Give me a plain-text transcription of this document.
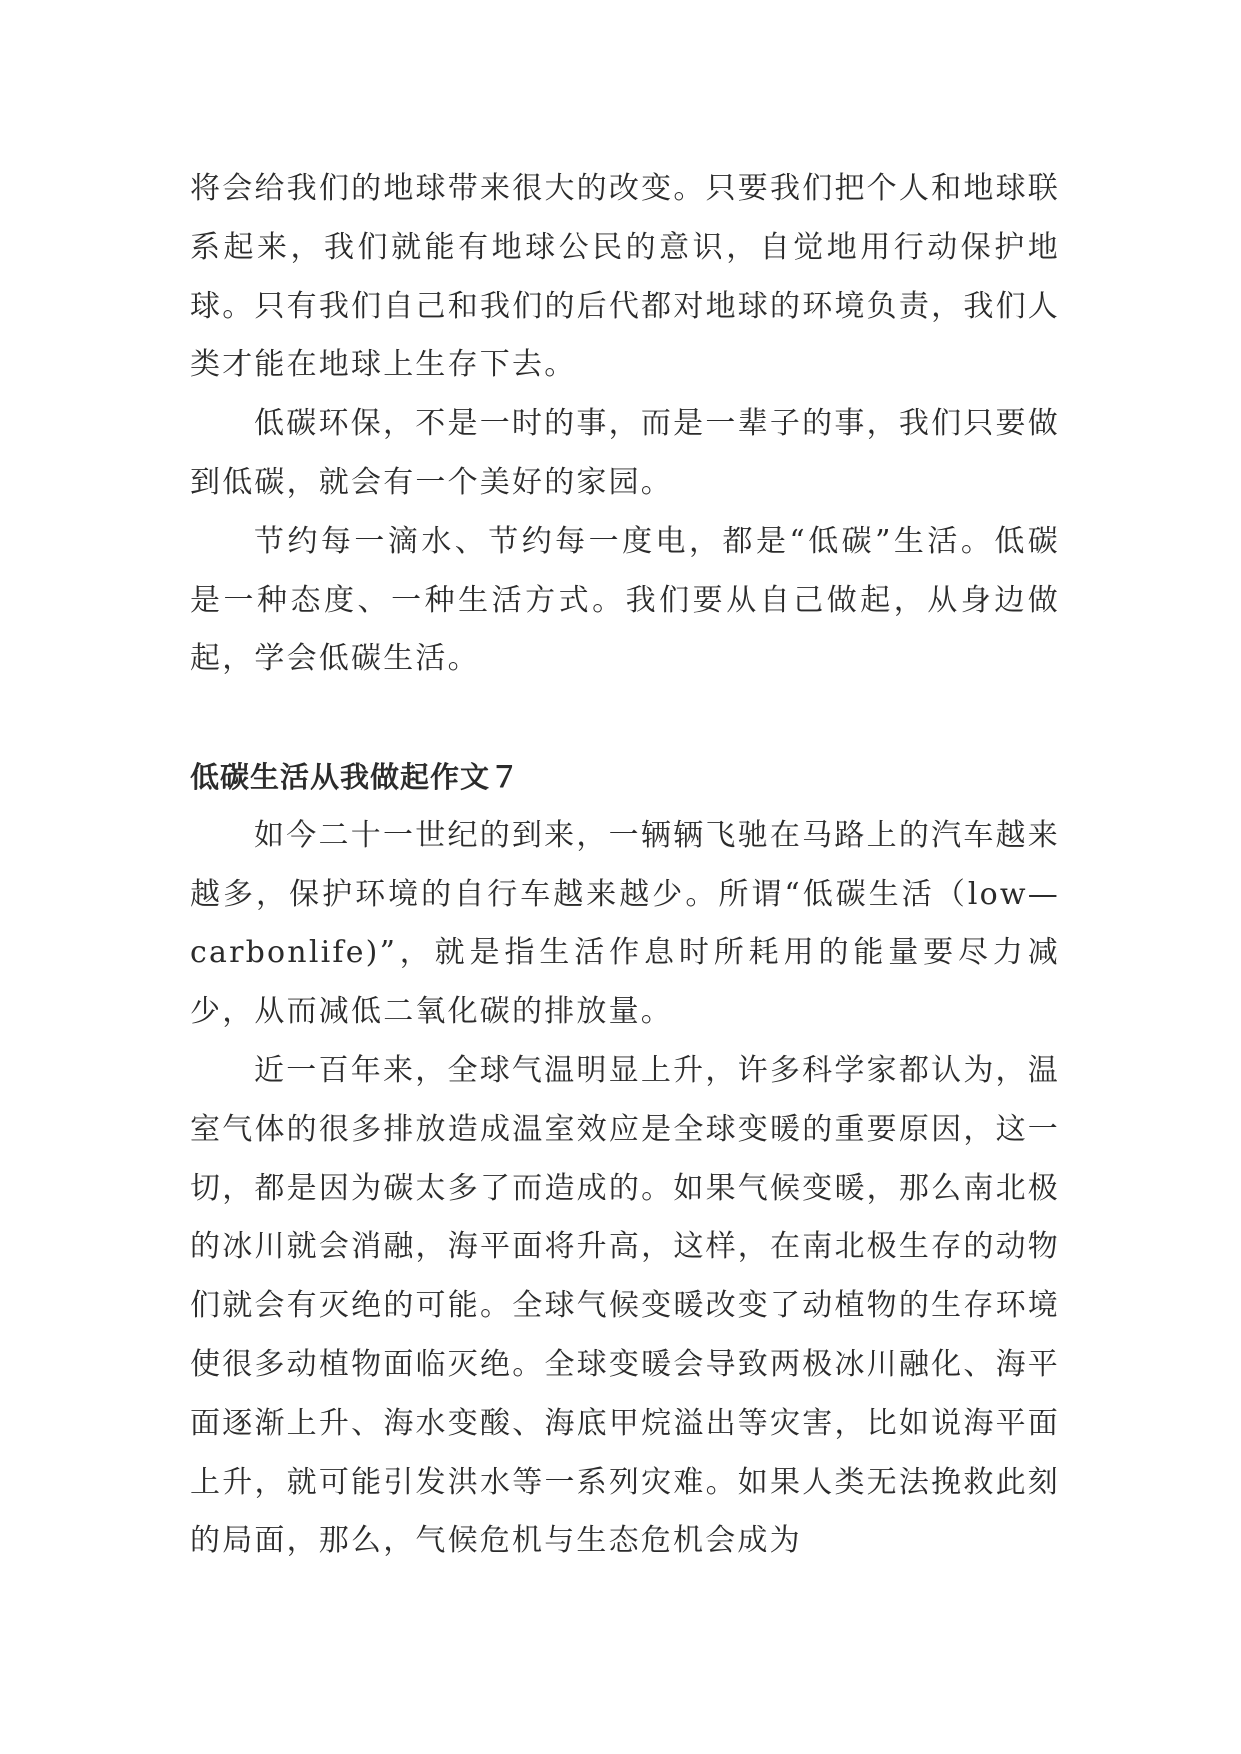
将会给我们的地球带来很大的改变。只要我们把个人和地球联系起来，我们就能有地球公民的意识，自觉地用行动保护地球。只有我们自己和我们的后代都对地球的环境负责，我们人类才能在地球上生存下去。

低碳环保，不是一时的事，而是一辈子的事，我们只要做到低碳，就会有一个美好的家园。

节约每一滴水、节约每一度电，都是“低碳”生活。低碳是一种态度、一种生活方式。我们要从自己做起，从身边做起，学会低碳生活。

低碳生活从我做起作文７

如今二十一世纪的到来，一辆辆飞驰在马路上的汽车越来越多，保护环境的自行车越来越少。所谓“低碳生活（low—carbonlife)”，就是指生活作息时所耗用的能量要尽力减少，从而减低二氧化碳的排放量。

近一百年来，全球气温明显上升，许多科学家都认为，温室气体的很多排放造成温室效应是全球变暖的重要原因，这一切，都是因为碳太多了而造成的。如果气候变暖，那么南北极的冰川就会消融，海平面将升高，这样，在南北极生存的动物们就会有灭绝的可能。全球气候变暖改变了动植物的生存环境使很多动植物面临灭绝。全球变暖会导致两极冰川融化、海平面逐渐上升、海水变酸、海底甲烷溢出等灾害，比如说海平面上升，就可能引发洪水等一系列灾难。如果人类无法挽救此刻的局面，那么，气候危机与生态危机会成为
